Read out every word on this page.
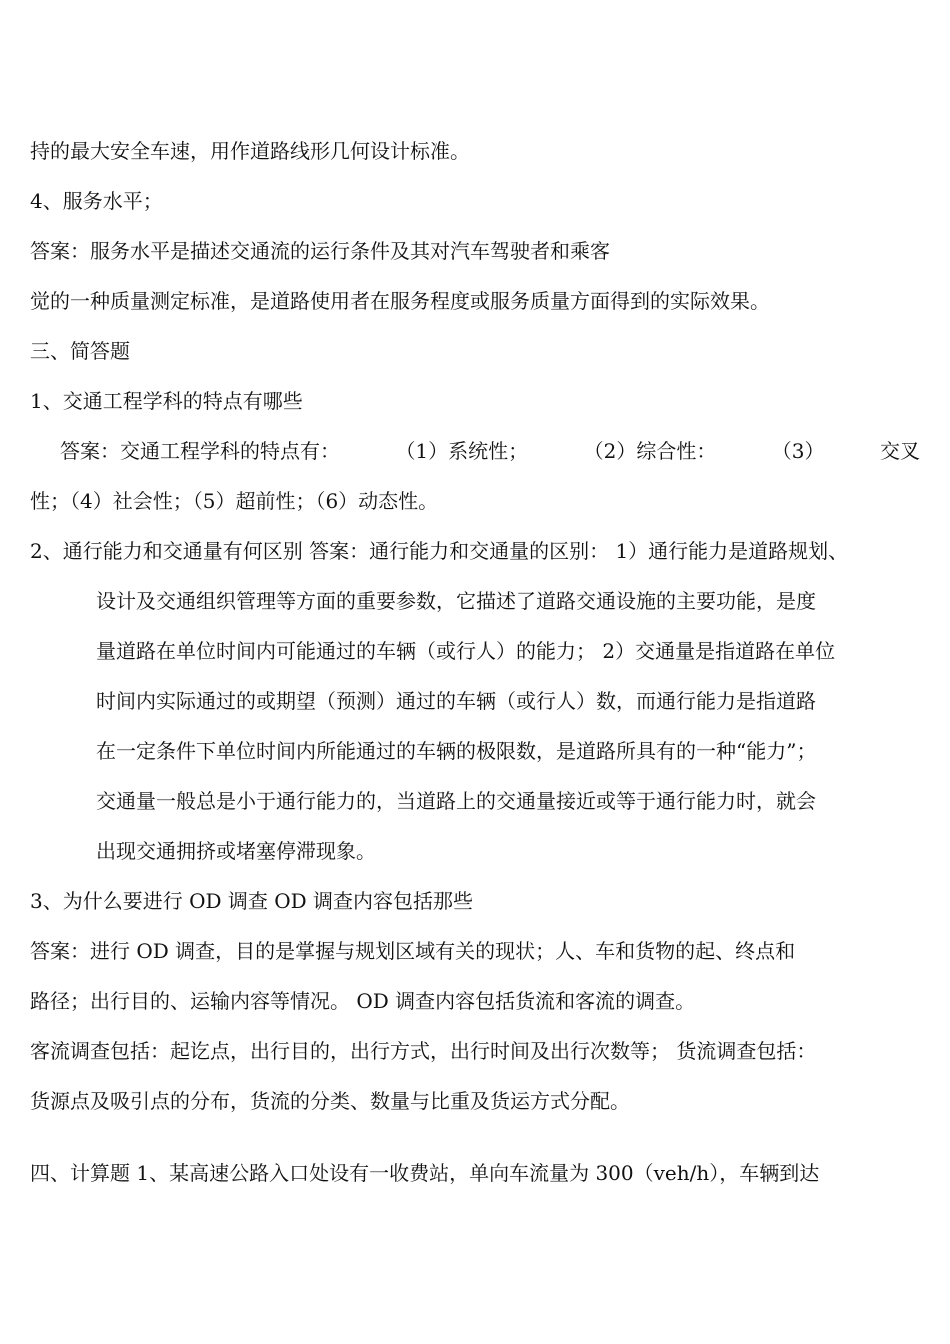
持的最大安全车速，用作道路线形几何设计标准。
4、服务水平；
答案：服务水平是描述交通流的运行条件及其对汽车驾驶者和乘客
觉的一种质量测定标准，是道路使用者在服务程度或服务质量方面得到的实际效果。
三、简答题
1、交通工程学科的特点有哪些
答案：交通工程学科的特点有：	（1）系统性；	（2）综合性：	（3）	交叉
性；（4）社会性；（5）超前性；（6）动态性。
2、通行能力和交通量有何区别 答案：通行能力和交通量的区别： 1）通行能力是道路规划、
设计及交通组织管理等方面的重要参数，它描述了道路交通设施的主要功能，是度
量道路在单位时间内可能通过的车辆（或行人）的能力； 2）交通量是指道路在单位
时间内实际通过的或期望（预测）通过的车辆（或行人）数，而通行能力是指道路
在一定条件下单位时间内所能通过的车辆的极限数，是道路所具有的一种“能力”；
交通量一般总是小于通行能力的，当道路上的交通量接近或等于通行能力时，就会
出现交通拥挤或堵塞停滞现象。
3、为什么要进行 OD 调查 OD 调查内容包括那些
答案：进行 OD 调查，目的是掌握与规划区域有关的现状；人、车和货物的起、终点和
路径；出行目的、运输内容等情况。 OD 调查内容包括货流和客流的调查。
客流调查包括：起讫点，出行目的，出行方式，出行时间及出行次数等； 货流调查包括：
货源点及吸引点的分布，货流的分类、数量与比重及货运方式分配。
四、计算题 1、某高速公路入口处设有一收费站，单向车流量为 300（veh/h），车辆到达
